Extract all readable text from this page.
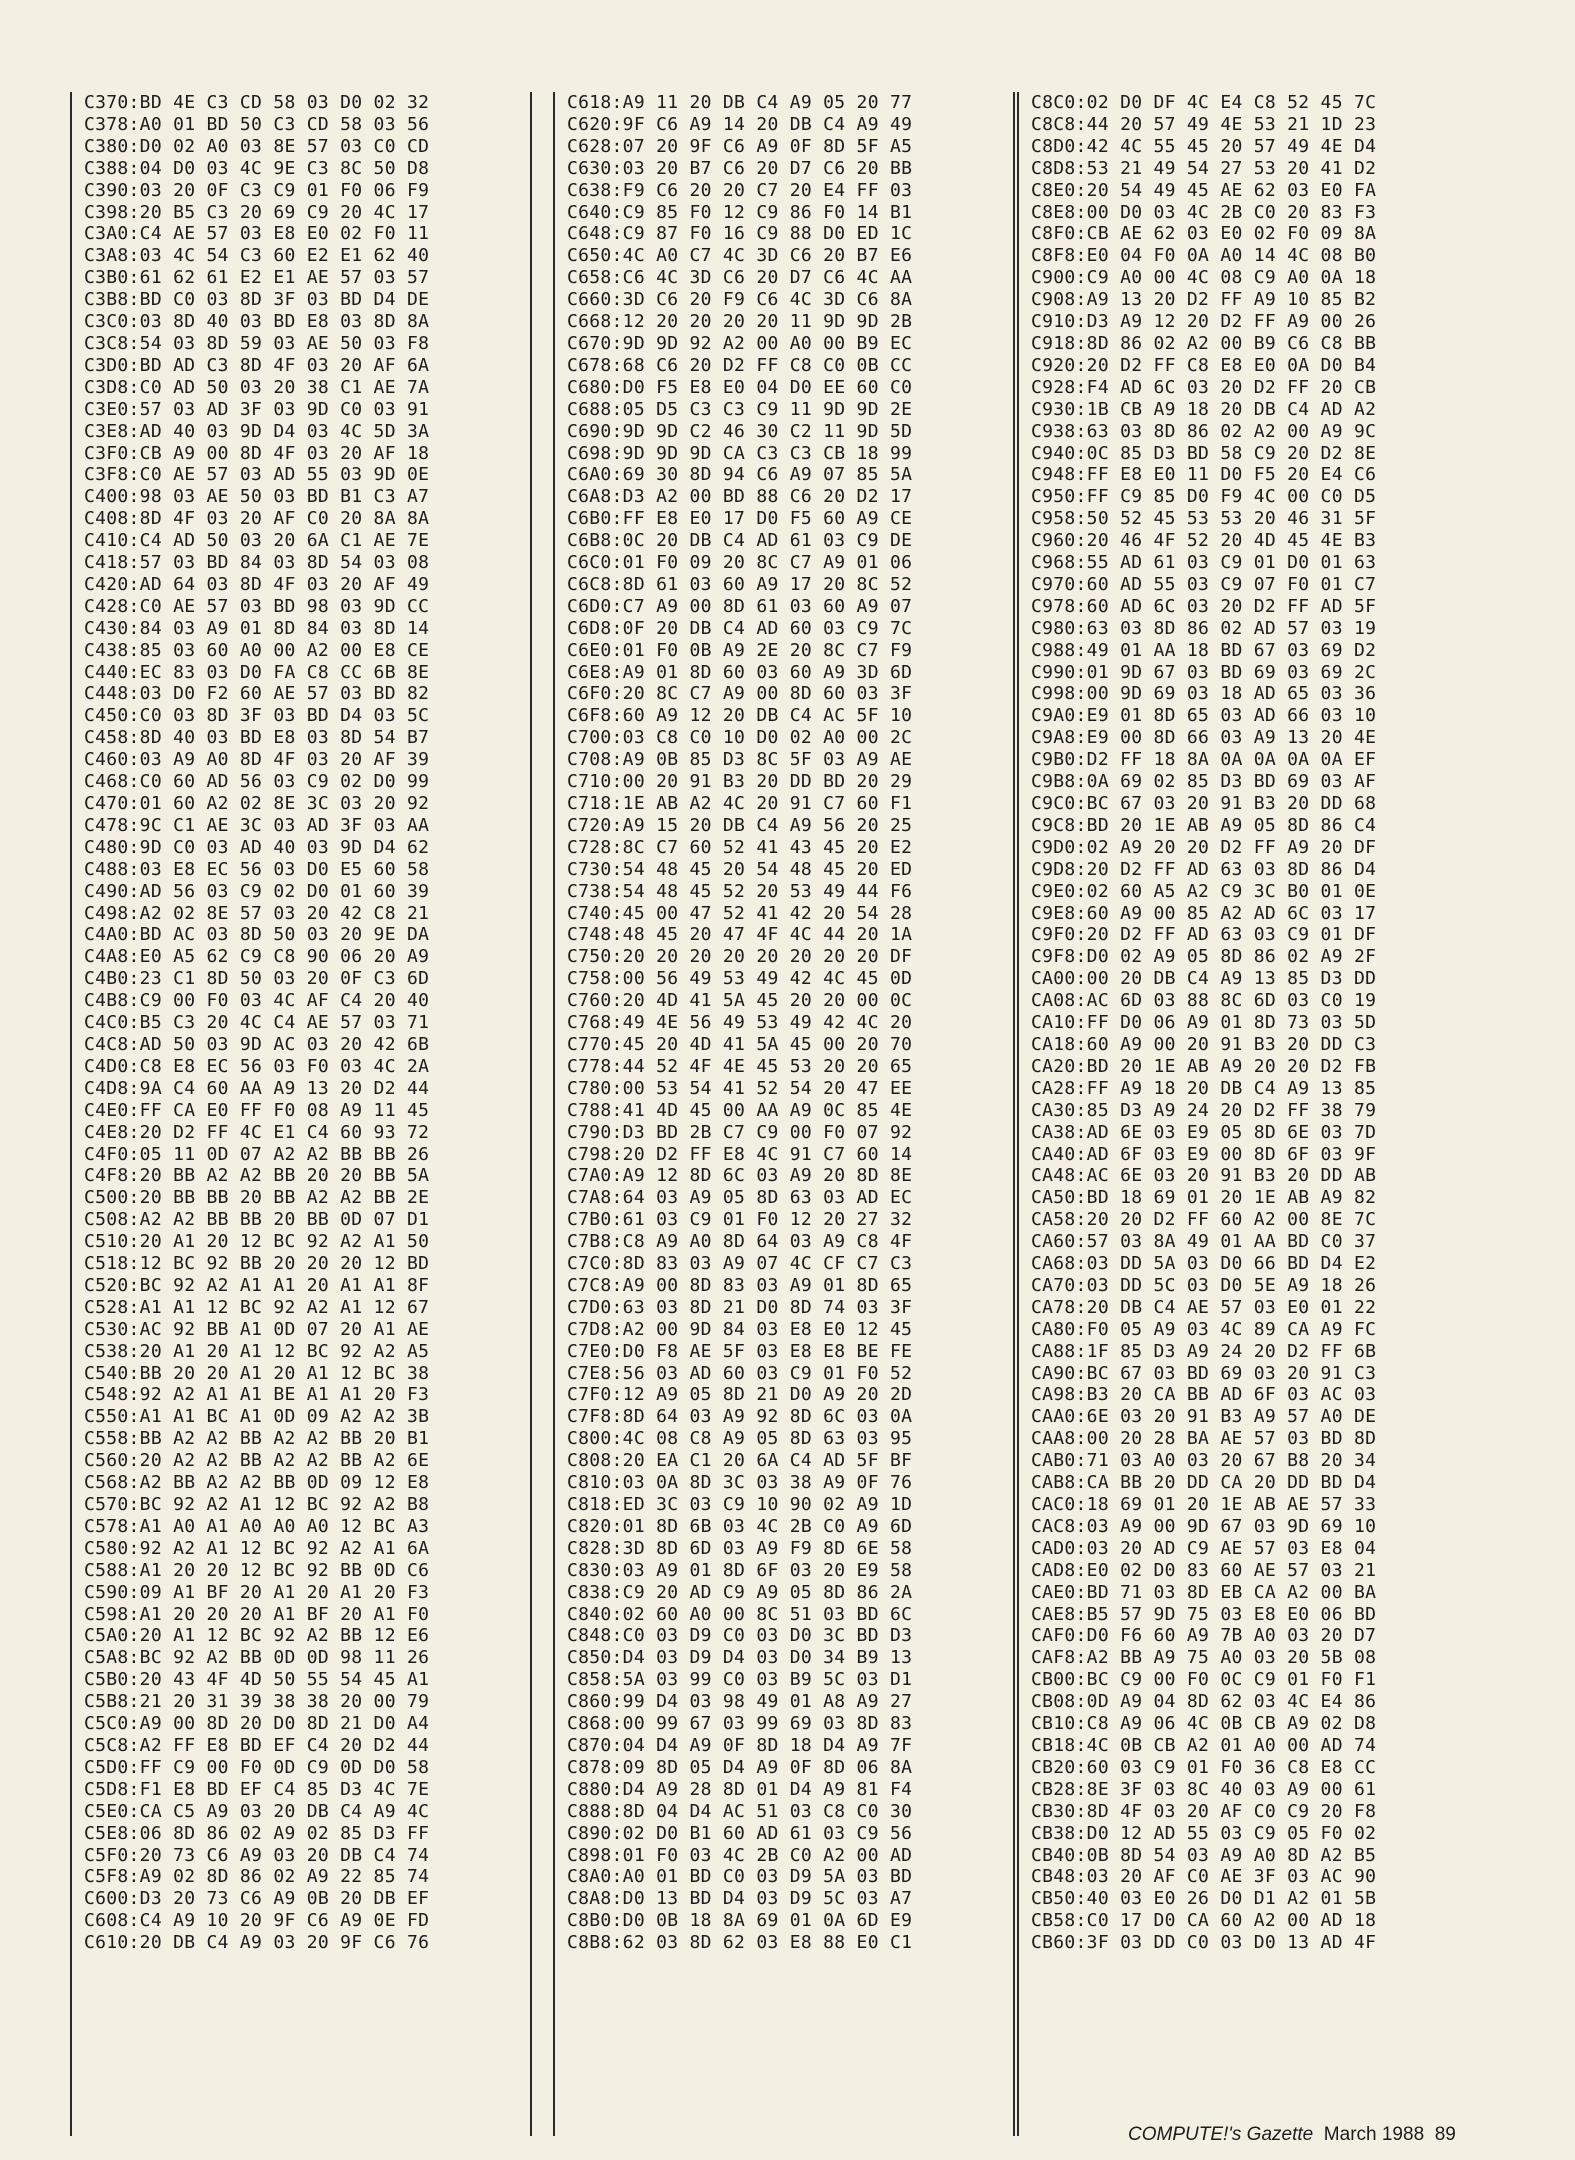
C370:BD 4E C3 CD 58 03 D0 02 32
C378:A0 01 BD 50 C3 CD 58 03 56
C380:D0 02 A0 03 8E 57 03 C0 CD
C388:04 D0 03 4C 9E C3 8C 50 D8
C390:03 20 0F C3 C9 01 F0 06 F9
C398:20 B5 C3 20 69 C9 20 4C 17
C3A0:C4 AE 57 03 E8 E0 02 F0 11
C3A8:03 4C 54 C3 60 E2 E1 62 40
C3B0:61 62 61 E2 E1 AE 57 03 57
C3B8:BD C0 03 8D 3F 03 BD D4 DE
C3C0:03 8D 40 03 BD E8 03 8D 8A
C3C8:54 03 8D 59 03 AE 50 03 F8
C3D0:BD AD C3 8D 4F 03 20 AF 6A
C3D8:C0 AD 50 03 20 38 C1 AE 7A
C3E0:57 03 AD 3F 03 9D C0 03 91
C3E8:AD 40 03 9D D4 03 4C 5D 3A
C3F0:CB A9 00 8D 4F 03 20 AF 18
C3F8:C0 AE 57 03 AD 55 03 9D 0E
C400:98 03 AE 50 03 BD B1 C3 A7
C408:8D 4F 03 20 AF C0 20 8A 8A
C410:C4 AD 50 03 20 6A C1 AE 7E
C418:57 03 BD 84 03 8D 54 03 08
C420:AD 64 03 8D 4F 03 20 AF 49
C428:C0 AE 57 03 BD 98 03 9D CC
C430:84 03 A9 01 8D 84 03 8D 14
C438:85 03 60 A0 00 A2 00 E8 CE
C440:EC 83 03 D0 FA C8 CC 6B 8E
C448:03 D0 F2 60 AE 57 03 BD 82
C450:C0 03 8D 3F 03 BD D4 03 5C
C458:8D 40 03 BD E8 03 8D 54 B7
C460:03 A9 A0 8D 4F 03 20 AF 39
C468:C0 60 AD 56 03 C9 02 D0 99
C470:01 60 A2 02 8E 3C 03 20 92
C478:9C C1 AE 3C 03 AD 3F 03 AA
C480:9D C0 03 AD 40 03 9D D4 62
C488:03 E8 EC 56 03 D0 E5 60 58
C490:AD 56 03 C9 02 D0 01 60 39
C498:A2 02 8E 57 03 20 42 C8 21
C4A0:BD AC 03 8D 50 03 20 9E DA
C4A8:E0 A5 62 C9 C8 90 06 20 A9
C4B0:23 C1 8D 50 03 20 0F C3 6D
C4B8:C9 00 F0 03 4C AF C4 20 40
C4C0:B5 C3 20 4C C4 AE 57 03 71
C4C8:AD 50 03 9D AC 03 20 42 6B
C4D0:C8 E8 EC 56 03 F0 03 4C 2A
C4D8:9A C4 60 AA A9 13 20 D2 44
C4E0:FF CA E0 FF F0 08 A9 11 45
C4E8:20 D2 FF 4C E1 C4 60 93 72
C4F0:05 11 0D 07 A2 A2 BB BB 26
C4F8:20 BB A2 A2 BB 20 20 BB 5A
C500:20 BB BB 20 BB A2 A2 BB 2E
C508:A2 A2 BB BB 20 BB 0D 07 D1
C510:20 A1 20 12 BC 92 A2 A1 50
C518:12 BC 92 BB 20 20 20 12 BD
C520:BC 92 A2 A1 A1 20 A1 A1 8F
C528:A1 A1 12 BC 92 A2 A1 12 67
C530:AC 92 BB A1 0D 07 20 A1 AE
C538:20 A1 20 A1 12 BC 92 A2 A5
C540:BB 20 20 A1 20 A1 12 BC 38
C548:92 A2 A1 A1 BE A1 A1 20 F3
C550:A1 A1 BC A1 0D 09 A2 A2 3B
C558:BB A2 A2 BB A2 A2 BB 20 B1
C560:20 A2 A2 BB A2 A2 BB A2 6E
C568:A2 BB A2 A2 BB 0D 09 12 E8
C570:BC 92 A2 A1 12 BC 92 A2 B8
C578:A1 A0 A1 A0 A0 A0 12 BC A3
C580:92 A2 A1 12 BC 92 A2 A1 6A
C588:A1 20 20 12 BC 92 BB 0D C6
C590:09 A1 BF 20 A1 20 A1 20 F3
C598:A1 20 20 20 A1 BF 20 A1 F0
C5A0:20 A1 12 BC 92 A2 BB 12 E6
C5A8:BC 92 A2 BB 0D 0D 98 11 26
C5B0:20 43 4F 4D 50 55 54 45 A1
C5B8:21 20 31 39 38 38 20 00 79
C5C0:A9 00 8D 20 D0 8D 21 D0 A4
C5C8:A2 FF E8 BD EF C4 20 D2 44
C5D0:FF C9 00 F0 0D C9 0D D0 58
C5D8:F1 E8 BD EF C4 85 D3 4C 7E
C5E0:CA C5 A9 03 20 DB C4 A9 4C
C5E8:06 8D 86 02 A9 02 85 D3 FF
C5F0:20 73 C6 A9 03 20 DB C4 74
C5F8:A9 02 8D 86 02 A9 22 85 74
C600:D3 20 73 C6 A9 0B 20 DB EF
C608:C4 A9 10 20 9F C6 A9 0E FD
C610:20 DB C4 A9 03 20 9F C6 76
C618:A9 11 20 DB C4 A9 05 20 77
C620:9F C6 A9 14 20 DB C4 A9 49
C628:07 20 9F C6 A9 0F 8D 5F A5
C630:03 20 B7 C6 20 D7 C6 20 BB
C638:F9 C6 20 20 C7 20 E4 FF 03
C640:C9 85 F0 12 C9 86 F0 14 B1
C648:C9 87 F0 16 C9 88 D0 ED 1C
C650:4C A0 C7 4C 3D C6 20 B7 E6
C658:C6 4C 3D C6 20 D7 C6 4C AA
C660:3D C6 20 F9 C6 4C 3D C6 8A
C668:12 20 20 20 20 11 9D 9D 2B
C670:9D 9D 92 A2 00 A0 00 B9 EC
C678:68 C6 20 D2 FF C8 C0 0B CC
C680:D0 F5 E8 E0 04 D0 EE 60 C0
C688:05 D5 C3 C3 C9 11 9D 9D 2E
C690:9D 9D C2 46 30 C2 11 9D 5D
C698:9D 9D 9D CA C3 C3 CB 18 99
C6A0:69 30 8D 94 C6 A9 07 85 5A
C6A8:D3 A2 00 BD 88 C6 20 D2 17
C6B0:FF E8 E0 17 D0 F5 60 A9 CE
C6B8:0C 20 DB C4 AD 61 03 C9 DE
C6C0:01 F0 09 20 8C C7 A9 01 06
C6C8:8D 61 03 60 A9 17 20 8C 52
C6D0:C7 A9 00 8D 61 03 60 A9 07
C6D8:0F 20 DB C4 AD 60 03 C9 7C
C6E0:01 F0 0B A9 2E 20 8C C7 F9
C6E8:A9 01 8D 60 03 60 A9 3D 6D
C6F0:20 8C C7 A9 00 8D 60 03 3F
C6F8:60 A9 12 20 DB C4 AC 5F 10
C700:03 C8 C0 10 D0 02 A0 00 2C
C708:A9 0B 85 D3 8C 5F 03 A9 AE
C710:00 20 91 B3 20 DD BD 20 29
C718:1E AB A2 4C 20 91 C7 60 F1
C720:A9 15 20 DB C4 A9 56 20 25
C728:8C C7 60 52 41 43 45 20 E2
C730:54 48 45 20 54 48 45 20 ED
C738:54 48 45 52 20 53 49 44 F6
C740:45 00 47 52 41 42 20 54 28
C748:48 45 20 47 4F 4C 44 20 1A
C750:20 20 20 20 20 20 20 20 DF
C758:00 56 49 53 49 42 4C 45 0D
C760:20 4D 41 5A 45 20 20 00 0C
C768:49 4E 56 49 53 49 42 4C 20
C770:45 20 4D 41 5A 45 00 20 70
C778:44 52 4F 4E 45 53 20 20 65
C780:00 53 54 41 52 54 20 47 EE
C788:41 4D 45 00 AA A9 0C 85 4E
C790:D3 BD 2B C7 C9 00 F0 07 92
C798:20 D2 FF E8 4C 91 C7 60 14
C7A0:A9 12 8D 6C 03 A9 20 8D 8E
C7A8:64 03 A9 05 8D 63 03 AD EC
C7B0:61 03 C9 01 F0 12 20 27 32
C7B8:C8 A9 A0 8D 64 03 A9 C8 4F
C7C0:8D 83 03 A9 07 4C CF C7 C3
C7C8:A9 00 8D 83 03 A9 01 8D 65
C7D0:63 03 8D 21 D0 8D 74 03 3F
C7D8:A2 00 9D 84 03 E8 E0 12 45
C7E0:D0 F8 AE 5F 03 E8 E8 BE FE
C7E8:56 03 AD 60 03 C9 01 F0 52
C7F0:12 A9 05 8D 21 D0 A9 20 2D
C7F8:8D 64 03 A9 92 8D 6C 03 0A
C800:4C 08 C8 A9 05 8D 63 03 95
C808:20 EA C1 20 6A C4 AD 5F BF
C810:03 0A 8D 3C 03 38 A9 0F 76
C818:ED 3C 03 C9 10 90 02 A9 1D
C820:01 8D 6B 03 4C 2B C0 A9 6D
C828:3D 8D 6D 03 A9 F9 8D 6E 58
C830:03 A9 01 8D 6F 03 20 E9 58
C838:C9 20 AD C9 A9 05 8D 86 2A
C840:02 60 A0 00 8C 51 03 BD 6C
C848:C0 03 D9 C0 03 D0 3C BD D3
C850:D4 03 D9 D4 03 D0 34 B9 13
C858:5A 03 99 C0 03 B9 5C 03 D1
C860:99 D4 03 98 49 01 A8 A9 27
C868:00 99 67 03 99 69 03 8D 83
C870:04 D4 A9 0F 8D 18 D4 A9 7F
C878:09 8D 05 D4 A9 0F 8D 06 8A
C880:D4 A9 28 8D 01 D4 A9 81 F4
C888:8D 04 D4 AC 51 03 C8 C0 30
C890:02 D0 B1 60 AD 61 03 C9 56
C898:01 F0 03 4C 2B C0 A2 00 AD
C8A0:A0 01 BD C0 03 D9 5A 03 BD
C8A8:D0 13 BD D4 03 D9 5C 03 A7
C8B0:D0 0B 18 8A 69 01 0A 6D E9
C8B8:62 03 8D 62 03 E8 88 E0 C1
C8C0:02 D0 DF 4C E4 C8 52 45 7C
C8C8:44 20 57 49 4E 53 21 1D 23
C8D0:42 4C 55 45 20 57 49 4E D4
C8D8:53 21 49 54 27 53 20 41 D2
C8E0:20 54 49 45 AE 62 03 E0 FA
C8E8:00 D0 03 4C 2B C0 20 83 F3
C8F0:CB AE 62 03 E0 02 F0 09 8A
C8F8:E0 04 F0 0A A0 14 4C 08 B0
C900:C9 A0 00 4C 08 C9 A0 0A 18
C908:A9 13 20 D2 FF A9 10 85 B2
C910:D3 A9 12 20 D2 FF A9 00 26
C918:8D 86 02 A2 00 B9 C6 C8 BB
C920:20 D2 FF C8 E8 E0 0A D0 B4
C928:F4 AD 6C 03 20 D2 FF 20 CB
C930:1B CB A9 18 20 DB C4 AD A2
C938:63 03 8D 86 02 A2 00 A9 9C
C940:0C 85 D3 BD 58 C9 20 D2 8E
C948:FF E8 E0 11 D0 F5 20 E4 C6
C950:FF C9 85 D0 F9 4C 00 C0 D5
C958:50 52 45 53 53 20 46 31 5F
C960:20 46 4F 52 20 4D 45 4E B3
C968:55 AD 61 03 C9 01 D0 01 63
C970:60 AD 55 03 C9 07 F0 01 C7
C978:60 AD 6C 03 20 D2 FF AD 5F
C980:63 03 8D 86 02 AD 57 03 19
C988:49 01 AA 18 BD 67 03 69 D2
C990:01 9D 67 03 BD 69 03 69 2C
C998:00 9D 69 03 18 AD 65 03 36
C9A0:E9 01 8D 65 03 AD 66 03 10
C9A8:E9 00 8D 66 03 A9 13 20 4E
C9B0:D2 FF 18 8A 0A 0A 0A 0A EF
C9B8:0A 69 02 85 D3 BD 69 03 AF
C9C0:BC 67 03 20 91 B3 20 DD 68
C9C8:BD 20 1E AB A9 05 8D 86 C4
C9D0:02 A9 20 20 D2 FF A9 20 DF
C9D8:20 D2 FF AD 63 03 8D 86 D4
C9E0:02 60 A5 A2 C9 3C B0 01 0E
C9E8:60 A9 00 85 A2 AD 6C 03 17
C9F0:20 D2 FF AD 63 03 C9 01 DF
C9F8:D0 02 A9 05 8D 86 02 A9 2F
CA00:00 20 DB C4 A9 13 85 D3 DD
CA08:AC 6D 03 88 8C 6D 03 C0 19
CA10:FF D0 06 A9 01 8D 73 03 5D
CA18:60 A9 00 20 91 B3 20 DD C3
CA20:BD 20 1E AB A9 20 20 D2 FB
CA28:FF A9 18 20 DB C4 A9 13 85
CA30:85 D3 A9 24 20 D2 FF 38 79
CA38:AD 6E 03 E9 05 8D 6E 03 7D
CA40:AD 6F 03 E9 00 8D 6F 03 9F
CA48:AC 6E 03 20 91 B3 20 DD AB
CA50:BD 18 69 01 20 1E AB A9 82
CA58:20 20 D2 FF 60 A2 00 8E 7C
CA60:57 03 8A 49 01 AA BD C0 37
CA68:03 DD 5A 03 D0 66 BD D4 E2
CA70:03 DD 5C 03 D0 5E A9 18 26
CA78:20 DB C4 AE 57 03 E0 01 22
CA80:F0 05 A9 03 4C 89 CA A9 FC
CA88:1F 85 D3 A9 24 20 D2 FF 6B
CA90:BC 67 03 BD 69 03 20 91 C3
CA98:B3 20 CA BB AD 6F 03 AC 03
CAA0:6E 03 20 91 B3 A9 57 A0 DE
CAA8:00 20 28 BA AE 57 03 BD 8D
CAB0:71 03 A0 03 20 67 B8 20 34
CAB8:CA BB 20 DD CA 20 DD BD D4
CAC0:18 69 01 20 1E AB AE 57 33
CAC8:03 A9 00 9D 67 03 9D 69 10
CAD0:03 20 AD C9 AE 57 03 E8 04
CAD8:E0 02 D0 83 60 AE 57 03 21
CAE0:BD 71 03 8D EB CA A2 00 BA
CAE8:B5 57 9D 75 03 E8 E0 06 BD
CAF0:D0 F6 60 A9 7B A0 03 20 D7
CAF8:A2 BB A9 75 A0 03 20 5B 08
CB00:BC C9 00 F0 0C C9 01 F0 F1
CB08:0D A9 04 8D 62 03 4C E4 86
CB10:C8 A9 06 4C 0B CB A9 02 D8
CB18:4C 0B CB A2 01 A0 00 AD 74
CB20:60 03 C9 01 F0 36 C8 E8 CC
CB28:8E 3F 03 8C 40 03 A9 00 61
CB30:8D 4F 03 20 AF C0 C9 20 F8
CB38:D0 12 AD 55 03 C9 05 F0 02
CB40:0B 8D 54 03 A9 A0 8D A2 B5
CB48:03 20 AF C0 AE 3F 03 AC 90
CB50:40 03 E0 26 D0 D1 A2 01 5B
CB58:C0 17 D0 CA 60 A2 00 AD 18
CB60:3F 03 DD C0 03 D0 13 AD 4F
COMPUTE!'s Gazette March 1988 89
